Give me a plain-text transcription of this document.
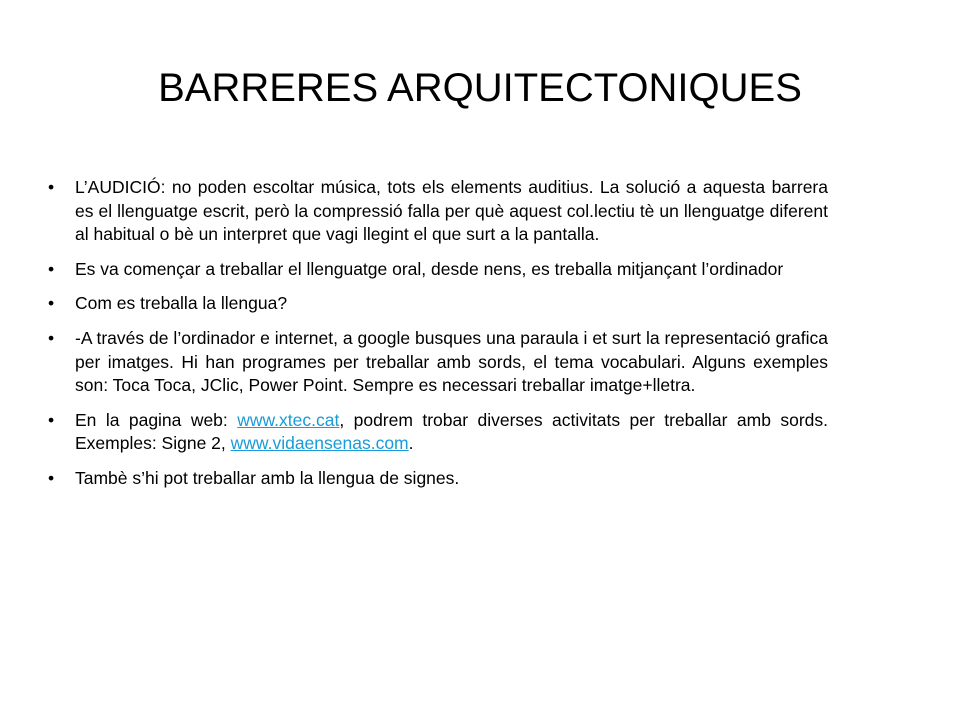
BARRERES ARQUITECTONIQUES
• L’AUDICIÓ: no poden escoltar música, tots els elements auditius. La solució a aquesta barrera es el llenguatge escrit, però la compressió falla per què aquest col.lectiu tè un llenguatge diferent al habitual o bè un interpret que vagi llegint el que surt a la pantalla.
• Es va començar a treballar el llenguatge oral, desde nens, es treballa mitjançant l’ordinador
• Com es treballa la llengua?
• -A través de l’ordinador e internet, a google busques una paraula i et surt la representació grafica per imatges. Hi han programes per treballar amb sords, el tema vocabulari. Alguns exemples son: Toca Toca, JClic, Power Point. Sempre es necessari treballar imatge+lletra.
• En la pagina web: www.xtec.cat, podrem trobar diverses activitats per treballar amb sords. Exemples: Signe 2, www.vidaensenas.com.
• Tambè s’hi pot treballar amb la llengua de signes.
